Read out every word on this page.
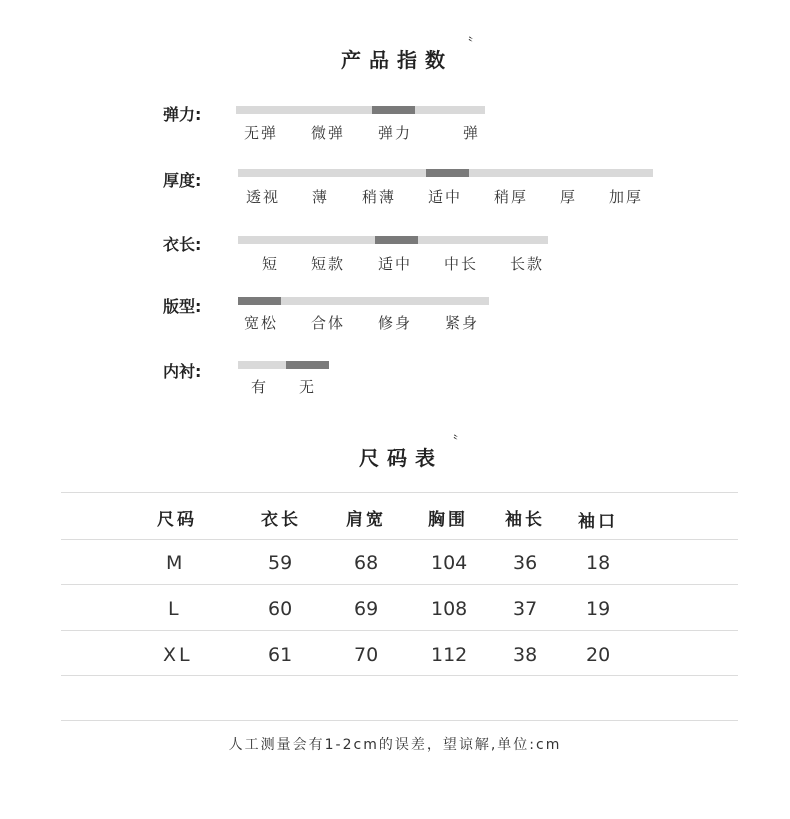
产品指数
〝
弹力:
无弹 微弹 弹力	弹
厚度:
透视 薄 稍薄 适中 稍厚 厚 加厚
衣长:
短 短款 适中 中长 长款
版型:
宽松 合体 修身 紧身
内衬:
有 无
尺码表
〝
尺码	衣长	肩宽 胸围 袖长 袖口
M	59	68	104 36	18
L	60	69	108 37	19
XL	61	70	112 38	20
人工测量会有1-2cm的误差，望谅解,单位:cm
